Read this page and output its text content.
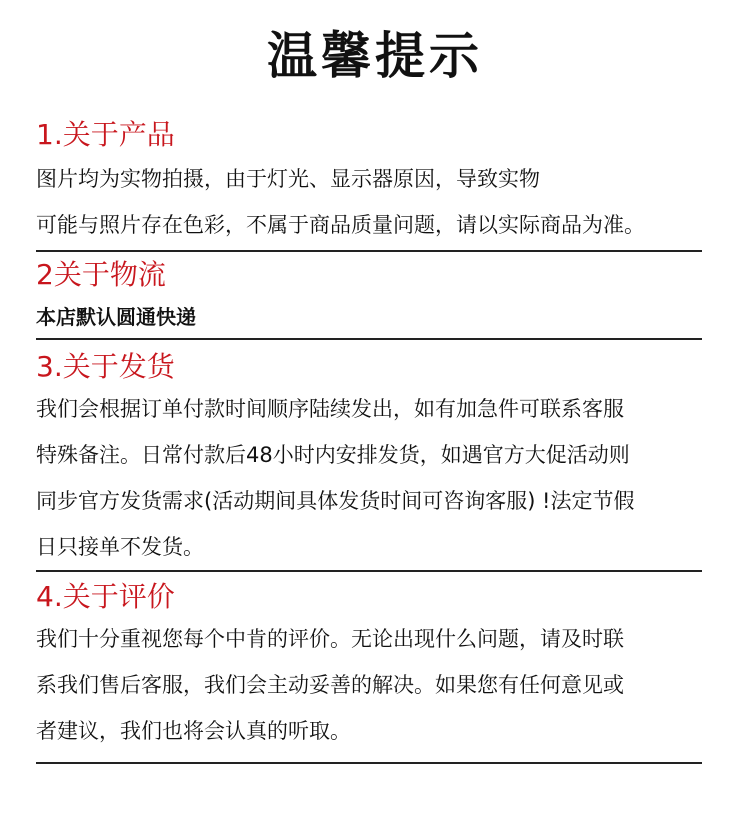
温馨提示
1.关于产品
图片均为实物拍摄，由于灯光、显示器原因，导致实物
可能与照片存在色彩，不属于商品质量问题，请以实际商品为准。
2关于物流
本店默认圆通快递
3.关于发货
我们会根据订单付款时间顺序陆续发出，如有加急件可联系客服
特殊备注。日常付款后48小时内安排发货，如遇官方大促活动则
同步官方发货需求(活动期间具体发货时间可咨询客服) !法定节假
日只接单不发货。
4.关于评价
我们十分重视您每个中肯的评价。无论出现什么问题，请及时联
系我们售后客服，我们会主动妥善的解决。如果您有任何意见或
者建议，我们也将会认真的听取。
